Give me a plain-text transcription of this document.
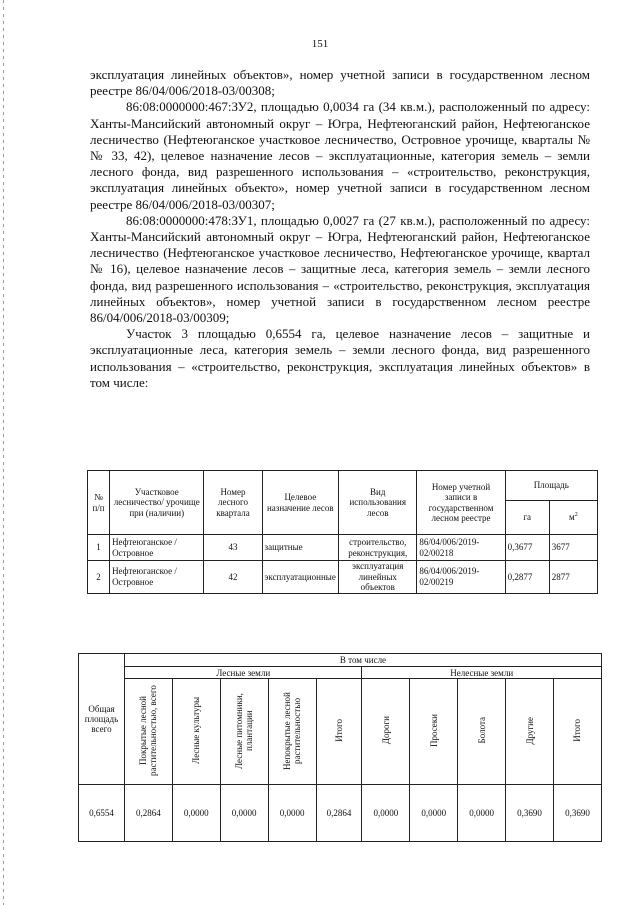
151

эксплуатация линейных объектов», номер учетной записи в государственном лесном реестре 86/04/006/2018-03/00308;

86:08:0000000:467:ЗУ2, площадью 0,0034 га (34 кв.м.), расположенный по адресу: Ханты-Мансийский автономный округ – Югра, Нефтеюганский район, Нефтеюганское лесничество (Нефтеюганское участковое лесничество, Островное урочище, кварталы №№ 33, 42), целевое назначение лесов – эксплуатационные, категория земель – земли лесного фонда, вид разрешенного использования – «строительство, реконструкция, эксплуатация линейных объекто», номер учетной записи в государственном лесном реестре 86/04/006/2018-03/00307;

86:08:0000000:478:ЗУ1, площадью 0,0027 га (27 кв.м.), расположенный по адресу: Ханты-Мансийский автономный округ – Югра, Нефтеюганский район, Нефтеюганское лесничество (Нефтеюганское участковое лесничество, Нефтеюганское урочище, квартал № 16), целевое назначение лесов – защитные леса, категория земель – земли лесного фонда, вид разрешенного использования – «строительство, реконструкция, эксплуатация линейных объектов», номер учетной записи в государственном лесном реестре 86/04/006/2018-03/00309;

Участок 3 площадью 0,6554 га, целевое назначение лесов – защитные и эксплуатационные леса, категория земель – земли лесного фонда, вид разрешенного использования – «строительство, реконструкция, эксплуатация линейных объектов» в том числе:

№ п/п	Участковое лесничество/ урочище при (наличии)	Номер лесного квартала	Целевое назначение лесов	Вид использования лесов	Номер учетной записи в государственном лесном реестре	Площадь	
						га	$м^2$
1	Нефтеюганское / Островное	43	защитные	строительство, реконструкция,	86/04/006/2019-02/00218	0,3677	3677
2	Нефтеюганское / Островное	42	эксплуатационные	эксплуатация линейных объектов	86/04/006/2019-02/00219	0,2877	2877
Общая площадь всего	В том числе									
	Лесные земли					Нелесные земли				
	Покрытые лесной растительностью, всего	Лесные культуры	Лесные питомники, плантации	Непокрытые лесной растительностью	Итого	Дороги	Просеки	Болота	Другие	Итого
0,6554	0,2864	0,0000	0,0000	0,0000	0,2864	0,0000	0,0000	0,0000	0,3690	0,3690
